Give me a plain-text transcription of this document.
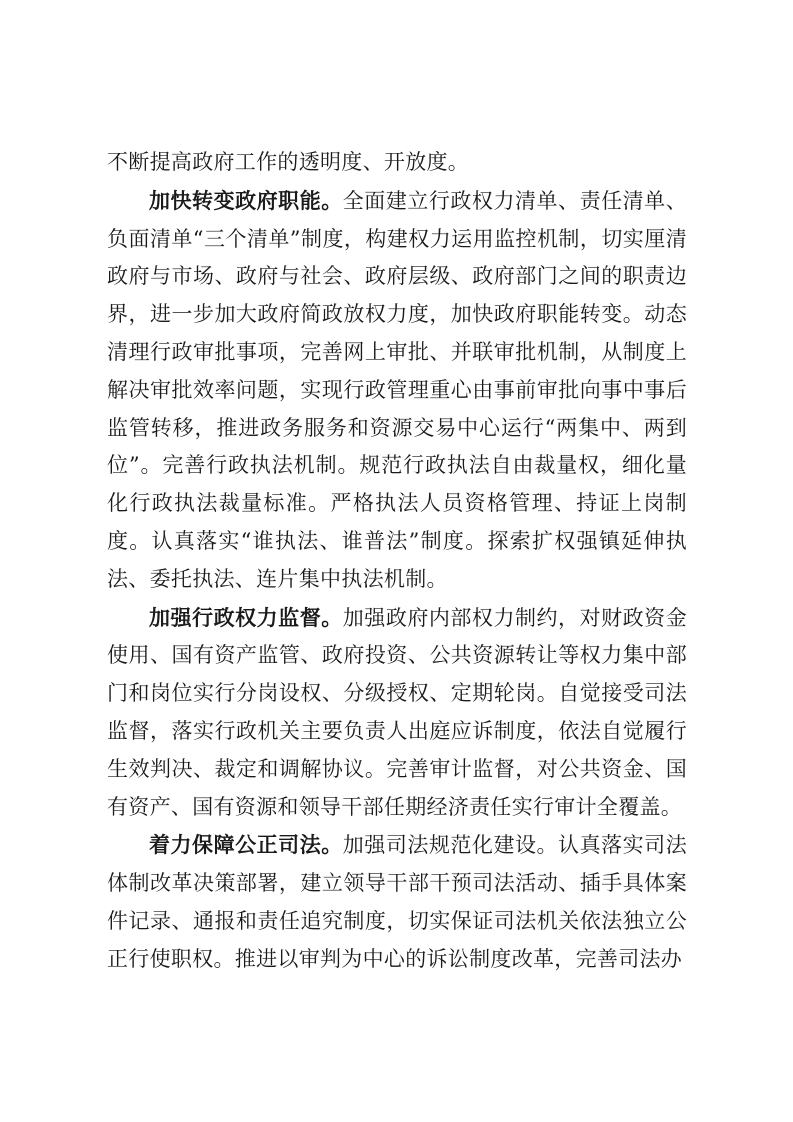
不断提高政府工作的透明度、开放度。

加快转变政府职能。全面建立行政权力清单、责任清单、负面清单“三个清单”制度，构建权力运用监控机制，切实厘清政府与市场、政府与社会、政府层级、政府部门之间的职责边界，进一步加大政府简政放权力度，加快政府职能转变。动态清理行政审批事项，完善网上审批、并联审批机制，从制度上解决审批效率问题，实现行政管理重心由事前审批向事中事后监管转移，推进政务服务和资源交易中心运行“两集中、两到位”。完善行政执法机制。规范行政执法自由裁量权，细化量化行政执法裁量标准。严格执法人员资格管理、持证上岗制度。认真落实“谁执法、谁普法”制度。探索扩权强镇延伸执法、委托执法、连片集中执法机制。

加强行政权力监督。加强政府内部权力制约，对财政资金使用、国有资产监管、政府投资、公共资源转让等权力集中部门和岗位实行分岗设权、分级授权、定期轮岗。自觉接受司法监督，落实行政机关主要负责人出庭应诉制度，依法自觉履行生效判决、裁定和调解协议。完善审计监督，对公共资金、国有资产、国有资源和领导干部任期经济责任实行审计全覆盖。

着力保障公正司法。加强司法规范化建设。认真落实司法体制改革决策部署，建立领导干部干预司法活动、插手具体案件记录、通报和责任追究制度，切实保证司法机关依法独立公正行使职权。推进以审判为中心的诉讼制度改革，完善司法办
